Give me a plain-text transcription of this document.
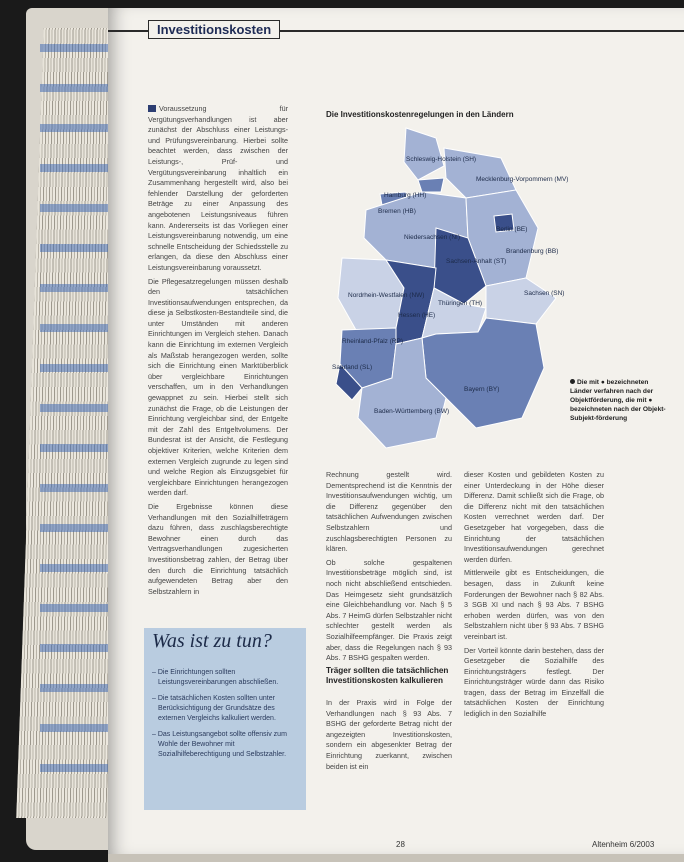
Investitionskosten

Voraussetzung für Vergütungsverhandlungen ist aber zunächst der Abschluss einer Leistungs- und Prüfungsvereinbarung. Hierbei sollte beachtet werden, dass zwischen der Leistungs-, Prüf- und Vergütungsvereinbarung inhaltlich ein Zusammenhang hergestellt wird, also bei fehlender Darstellung der geforderten Beträge zu einer Anpassung des angebotenen Leistungsniveaus führen kann. Andererseits ist das Vorliegen einer Leistungsvereinbarung notwendig, um eine schnelle Entscheidung der Schiedsstelle zu erlangen, da diese den Abschluss einer Leistungsvereinbarung voraussetzt.

Die Pflegesatzregelungen müssen deshalb den tatsächlichen Investitionsaufwendungen entsprechen, da diese ja Selbstkosten-Bestandteile sind, die unter Umständen mit anderen Einrichtungen im Vergleich stehen. Danach kann die Einrichtung im externen Vergleich als Maßstab herangezogen werden, sollte sich die Einrichtung einen Marktüberblick über vergleichbare Einrichtungen verschaffen, um in den Verhandlungen gewappnet zu sein. Hierbei stellt sich zunächst die Frage, ob die Leistungen der Einrichtung vergleichbar sind, der Entgelte mit der Zahl des Entgeltvolumens. Der Bundesrat ist der Ansicht, die Festlegung objektiver Kriterien, welche Kriterien dem externen Vergleich zugrunde zu legen sind und welche Region als Einzugsgebiet für vergleichbare Einrichtungen herangezogen werden darf.

Die Ergebnisse können diese Verhandlungen mit den Sozialhilfeträgern dazu führen, dass zuschlagsberechtigte Bewohner einen durch das Vertragsverhandlungen zugesicherten Investitionsbetrag zahlen, der Betrag über den durch die Einrichtung tatsächlich aufgewendeten Betrag aber den Selbstzahlern in

Die Investitionskostenregelungen in den Ländern
Schleswig-Holstein (SH)
Mecklenburg-Vorpommern (MV)
Hamburg (HH)
Bremen (HB)
Berlin (BE)
Niedersachsen (NI)
Brandenburg (BB)
Sachsen-Anhalt (ST)
Nordrhein-Westfalen (NW)	Sachsen (SN)
Hessen (HE)
Thüringen (TH)
Rheinland-Pfalz (RP)
Saarland (SL)
Bayern (BY)
Baden-Württemberg (BW)
Die mit ● bezeichneten Länder verfahren nach der Objektförderung, die mit ● bezeichneten nach der Objekt-Subjekt-förderung

Rechnung gestellt wird. Dementsprechend ist die Kenntnis der Investitionsaufwendungen wichtig, um die Differenz gegenüber den tatsächlichen Aufwendungen zwischen Selbstzahlern und zuschlagsberechtigten Personen zu klären.

Ob solche gespaltenen Investitionsbeträge möglich sind, ist noch nicht abschließend entschieden. Das Heimgesetz sieht grundsätzlich eine Gleichbehandlung vor. Nach § 5 Abs. 7 HeimG dürfen Selbstzahler nicht schlechter gestellt werden als Sozialhilfeempfänger. Die Praxis zeigt aber, dass die Regelungen nach § 93 Abs. 7 BSHG gespalten werden.

Träger sollten die tatsächlichen Investitionskosten kalkulieren

In der Praxis wird in Folge der Verhandlungen nach § 93 Abs. 7 BSHG der geforderte Betrag nicht der angezeigten Investitionskosten, sondern ein abgesenkter Betrag der Einrichtung zuerkannt, zwischen beiden ist ein

dieser Kosten und gebildeten Kosten zu einer Unterdeckung in der Höhe dieser Differenz. Damit schließt sich die Frage, ob die Differenz nicht mit den tatsächlichen Kosten verrechnet werden darf. Der Gesetzgeber hat vorgegeben, dass die Einrichtung der tatsächlichen Investitionsaufwendungen gerechnet werden dürfen.

Mittlerweile gibt es Entscheidungen, die besagen, dass in Zukunft keine Forderungen der Bewohner nach § 82 Abs. 3 SGB XI und nach § 93 Abs. 7 BSHG erhoben werden dürfen, was von den Selbstzahlern nicht über § 93 Abs. 7 BSHG vereinbart ist.

Der Vorteil könnte darin bestehen, dass der Gesetzgeber die Sozialhilfe des Einrichtungsträgers festlegt. Der Einrichtungsträger würde dann das Risiko tragen, dass der Betrag im Einzelfall die tatsächlichen Kosten der Einrichtung lediglich in den Sozialhilfe

Was ist zu tun?
– Die Einrichtungen sollten Leistungsvereinbarungen abschließen.
– Die tatsächlichen Kosten sollten unter Berücksichtigung der Grundsätze des externen Vergleichs kalkuliert werden.
– Das Leistungsangebot sollte offensiv zum Wohle der Bewohner mit Sozialhilfeberechtigung und Selbstzahler.
28	Altenheim 6/2003
